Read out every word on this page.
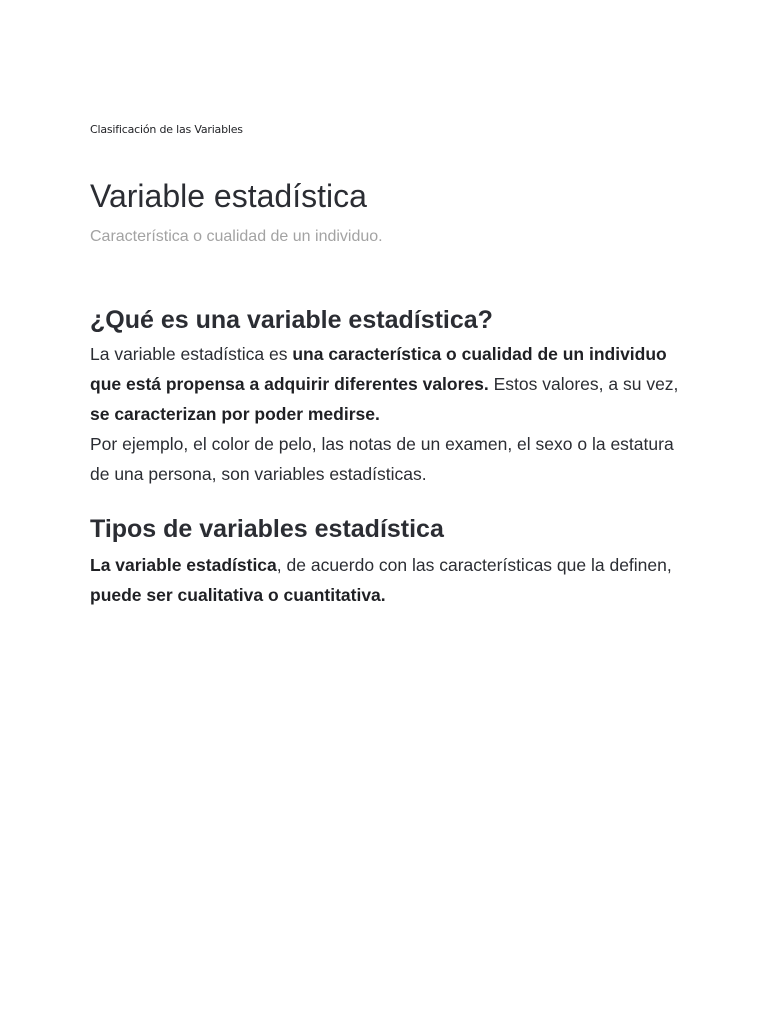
Clasificación de las Variables
Variable estadística

Característica o cualidad de un individuo.

¿Qué es una variable estadística?

La variable estadística es una característica o cualidad de un individuo que está propensa a adquirir diferentes valores. Estos valores, a su vez, se caracterizan por poder medirse.

Por ejemplo, el color de pelo, las notas de un examen, el sexo o la estatura de una persona, son variables estadísticas.

Tipos de variables estadística

La variable estadística, de acuerdo con las características que la definen, puede ser cualitativa o cuantitativa.
